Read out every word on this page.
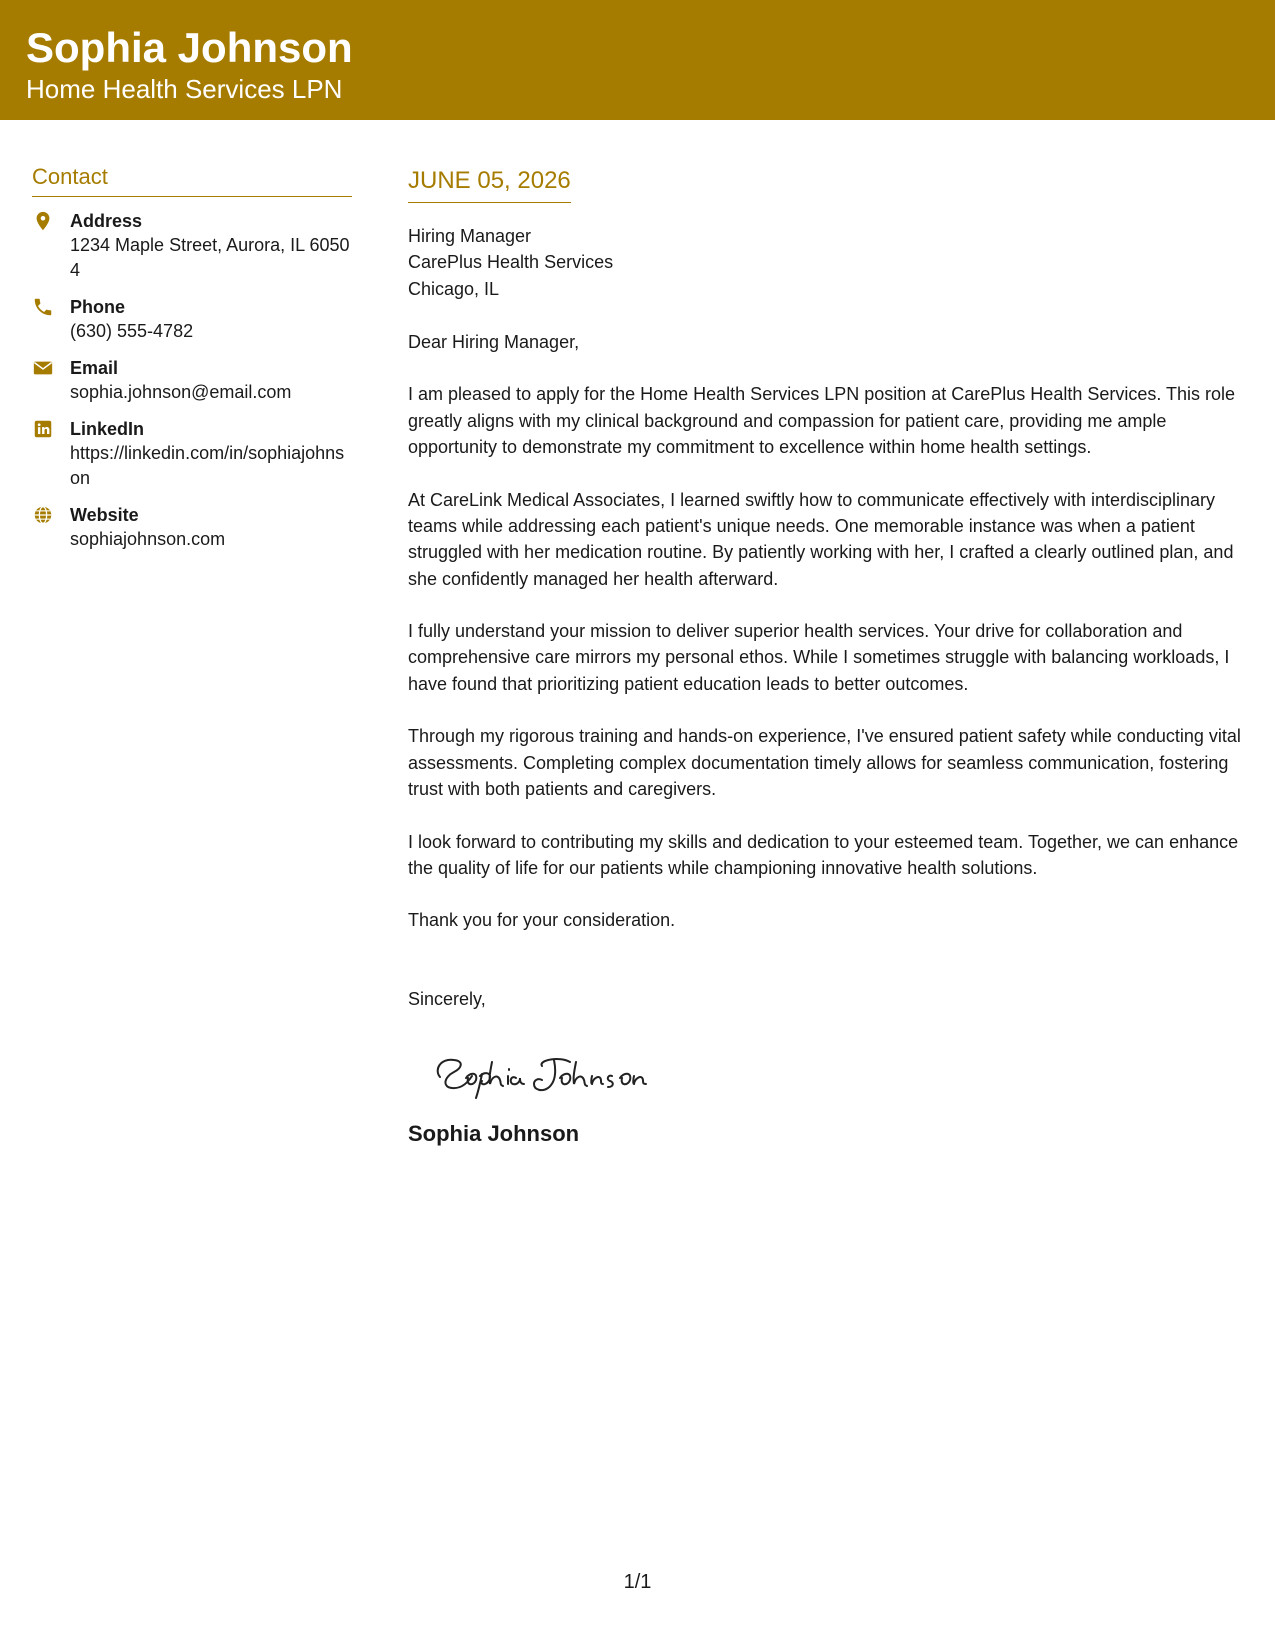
Sophia Johnson
Home Health Services LPN
Contact
Address
1234 Maple Street, Aurora, IL 60504
Phone
(630) 555-4782
Email
sophia.johnson@email.com
LinkedIn
https://linkedin.com/in/sophiajohnson
Website
sophiajohnson.com
JUNE 05, 2026
Hiring Manager
CarePlus Health Services
Chicago, IL
Dear Hiring Manager,
I am pleased to apply for the Home Health Services LPN position at CarePlus Health Services. This role greatly aligns with my clinical background and compassion for patient care, providing me ample opportunity to demonstrate my commitment to excellence within home health settings.
At CareLink Medical Associates, I learned swiftly how to communicate effectively with interdisciplinary teams while addressing each patient's unique needs. One memorable instance was when a patient struggled with her medication routine. By patiently working with her, I crafted a clearly outlined plan, and she confidently managed her health afterward.
I fully understand your mission to deliver superior health services. Your drive for collaboration and comprehensive care mirrors my personal ethos. While I sometimes struggle with balancing workloads, I have found that prioritizing patient education leads to better outcomes.
Through my rigorous training and hands-on experience, I've ensured patient safety while conducting vital assessments. Completing complex documentation timely allows for seamless communication, fostering trust with both patients and caregivers.
I look forward to contributing my skills and dedication to your esteemed team. Together, we can enhance the quality of life for our patients while championing innovative health solutions.
Thank you for your consideration.
Sincerely,
Sophia Johnson
1/1
